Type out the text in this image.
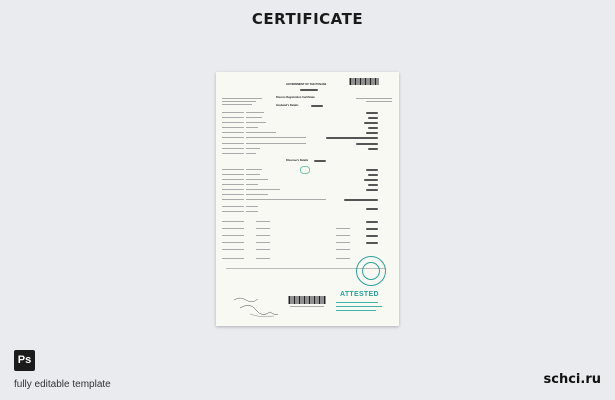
CERTIFICATE
GOVERNMENT OF THE PUNJAB
Divorce Registration Certificate
Husband's Details
Divorcee's Details
ATTESTED
Ps
fully editable template	schci.ru
